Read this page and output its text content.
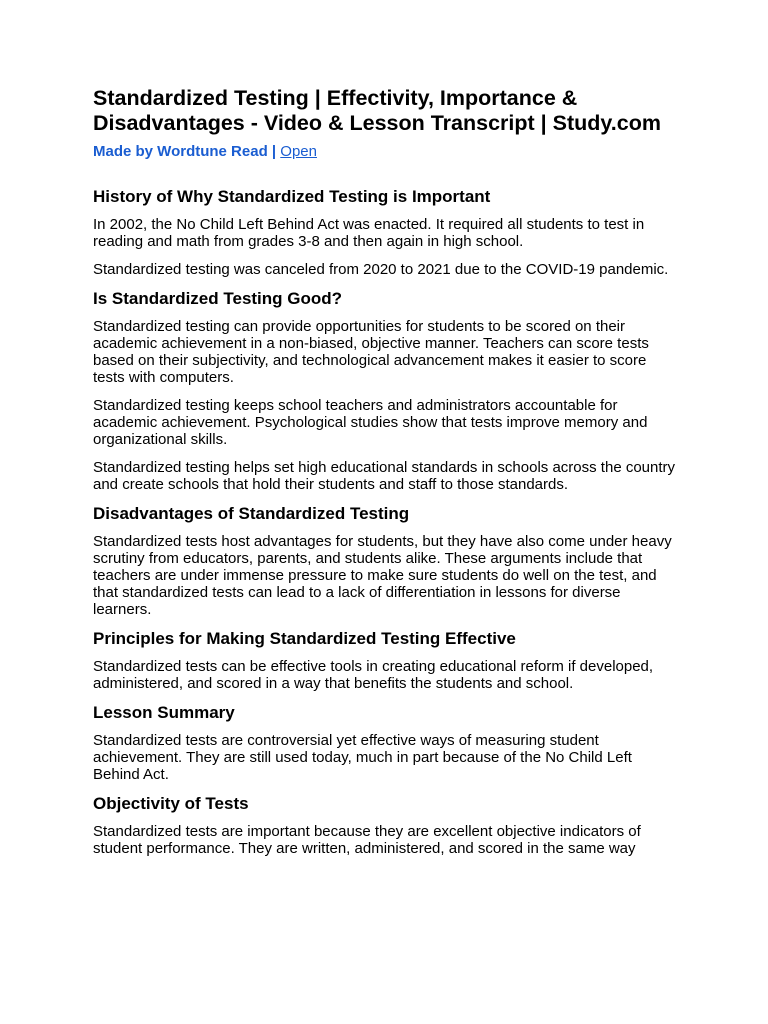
Standardized Testing | Effectivity, Importance & Disadvantages - Video & Lesson Transcript | Study.com
Made by Wordtune Read | Open
History of Why Standardized Testing is Important

In 2002, the No Child Left Behind Act was enacted. It required all students to test in reading and math from grades 3-8 and then again in high school.

Standardized testing was canceled from 2020 to 2021 due to the COVID-19 pandemic.

Is Standardized Testing Good?

Standardized testing can provide opportunities for students to be scored on their academic achievement in a non-biased, objective manner. Teachers can score tests based on their subjectivity, and technological advancement makes it easier to score tests with computers.

Standardized testing keeps school teachers and administrators accountable for academic achievement. Psychological studies show that tests improve memory and organizational skills.

Standardized testing helps set high educational standards in schools across the country and create schools that hold their students and staff to those standards.

Disadvantages of Standardized Testing

Standardized tests host advantages for students, but they have also come under heavy scrutiny from educators, parents, and students alike. These arguments include that teachers are under immense pressure to make sure students do well on the test, and that standardized tests can lead to a lack of differentiation in lessons for diverse learners.

Principles for Making Standardized Testing Effective

Standardized tests can be effective tools in creating educational reform if developed, administered, and scored in a way that benefits the students and school.

Lesson Summary

Standardized tests are controversial yet effective ways of measuring student achievement. They are still used today, much in part because of the No Child Left Behind Act.

Objectivity of Tests

Standardized tests are important because they are excellent objective indicators of student performance. They are written, administered, and scored in the same way
